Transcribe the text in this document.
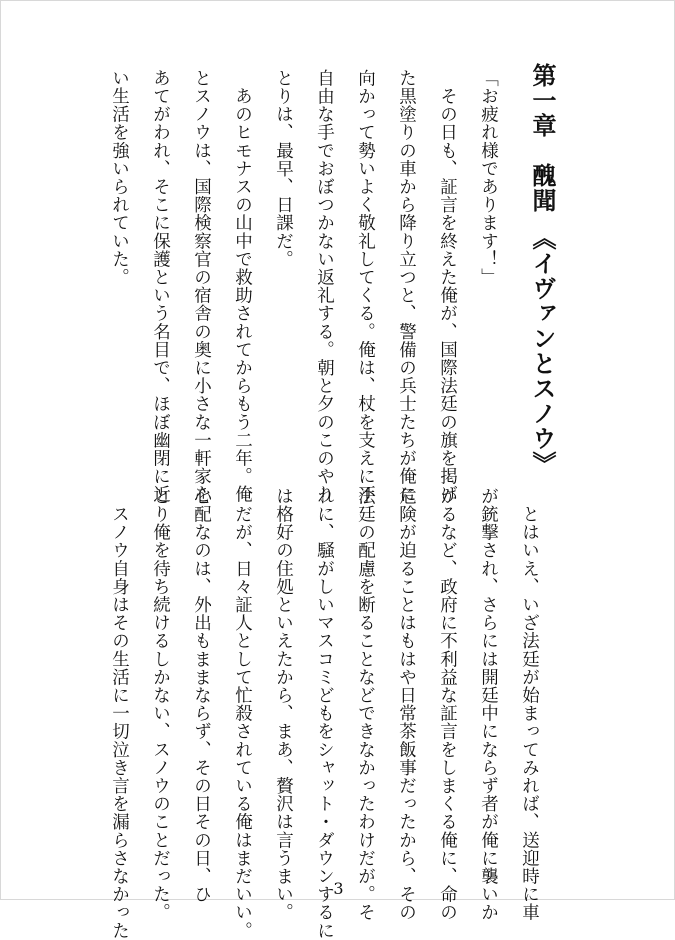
第一章　醜聞　《イヴァンとスノウ》

「お疲れ様であります！」

　その日も、証言を終えた俺が、国際法廷の旗を掲げ

た黒塗りの車から降り立つと、警備の兵士たちが俺に

向かって勢いよく敬礼してくる。俺は、杖を支えに不

自由な手でおぼつかない返礼する。朝と夕のこのやり

とりは、最早、日課だ。

　あのヒモナスの山中で救助されてからもう二年。俺

とスノウは、国際検察官の宿舎の奥に小さな一軒家を

あてがわれ、そこに保護という名目で、ほぼ幽閉に近

い生活を強いられていた。

　とはいえ、いざ法廷が始まってみれば、送迎時に車

が銃撃され、さらには開廷中にならず者が俺に襲いか

かるなど、政府に不利益な証言をしまくる俺に、命の

危険が迫ることはもはや日常茶飯事だったから、その

法廷の配慮を断ることなどできなかったわけだが。そ

れに、騒がしいマスコミどもをシャット・ダウンするに

は格好の住処といえたから、まあ、贅沢は言うまい。

　だが、日々証人として忙殺されている俺はまだいい。

心配なのは、外出もままならず、その日その日、ひ

とり俺を待ち続けるしかない、スノウのことだった。

　スノウ自身はその生活に一切泣き言を漏らさなかった	3
